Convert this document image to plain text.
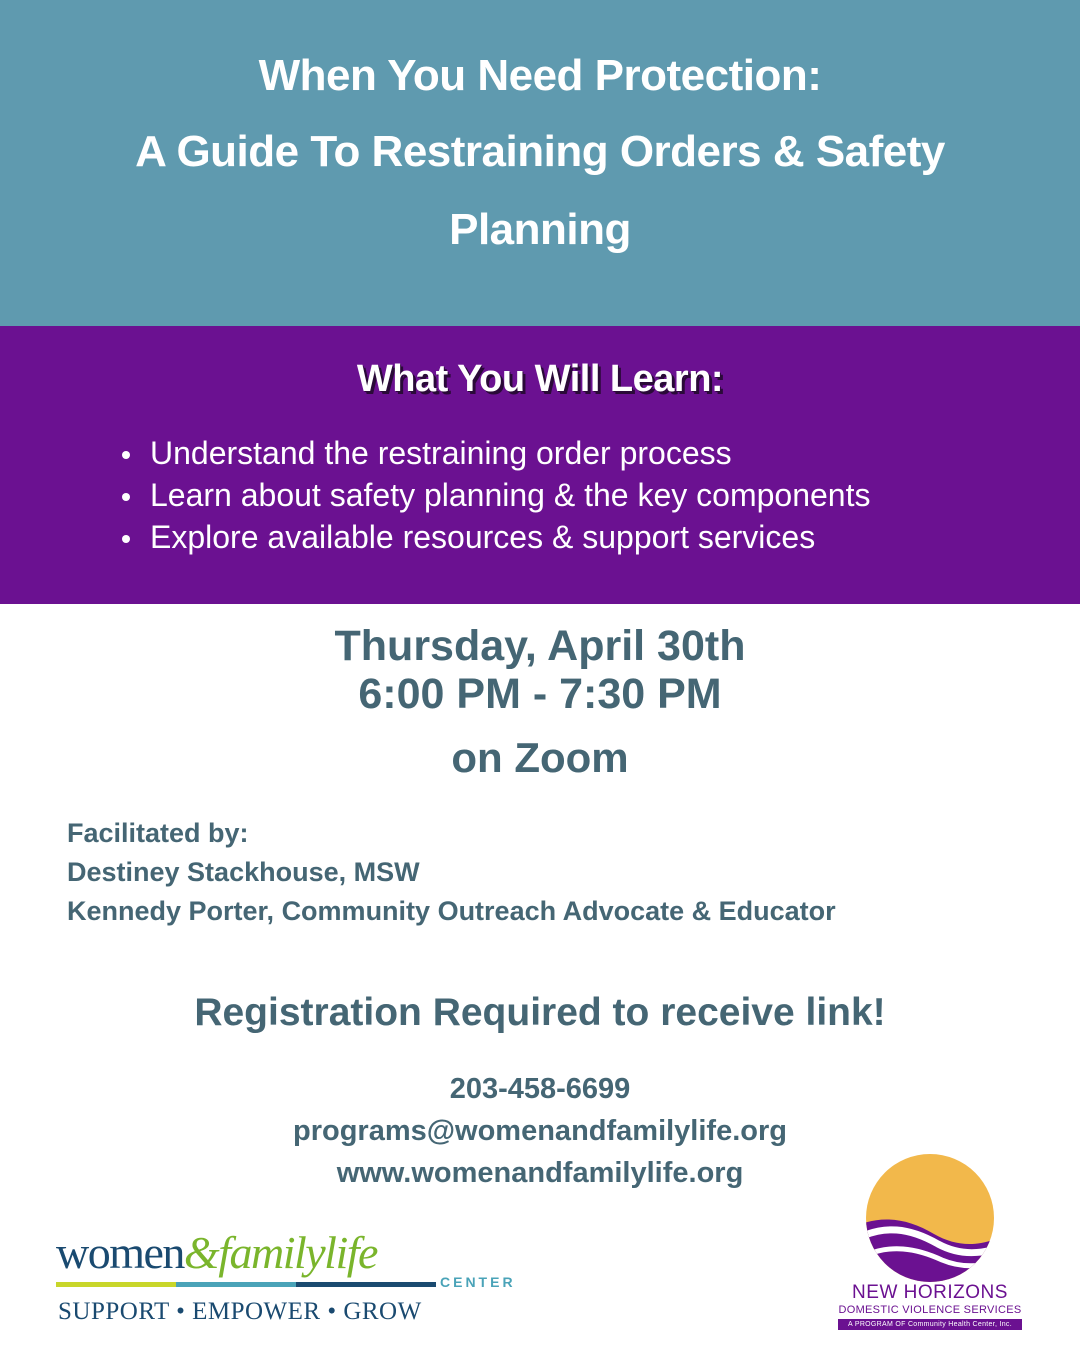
When You Need Protection:
A Guide To Restraining Orders & Safety
Planning
What You Will Learn:
Understand the restraining order process
Learn about safety planning & the key components
Explore available resources & support services
Thursday, April 30th
6:00 PM - 7:30 PM
on Zoom
Facilitated by:
Destiney Stackhouse, MSW
Kennedy Porter, Community Outreach Advocate & Educator
Registration Required to receive link!
203-458-6699
programs@womenandfamilylife.org
www.womenandfamilylife.org
women&familylife
CENTER
SUPPORT • EMPOWER • GROW
NEW HORIZONS
DOMESTIC VIOLENCE SERVICES
A PROGRAM OF Community Health Center, Inc.
